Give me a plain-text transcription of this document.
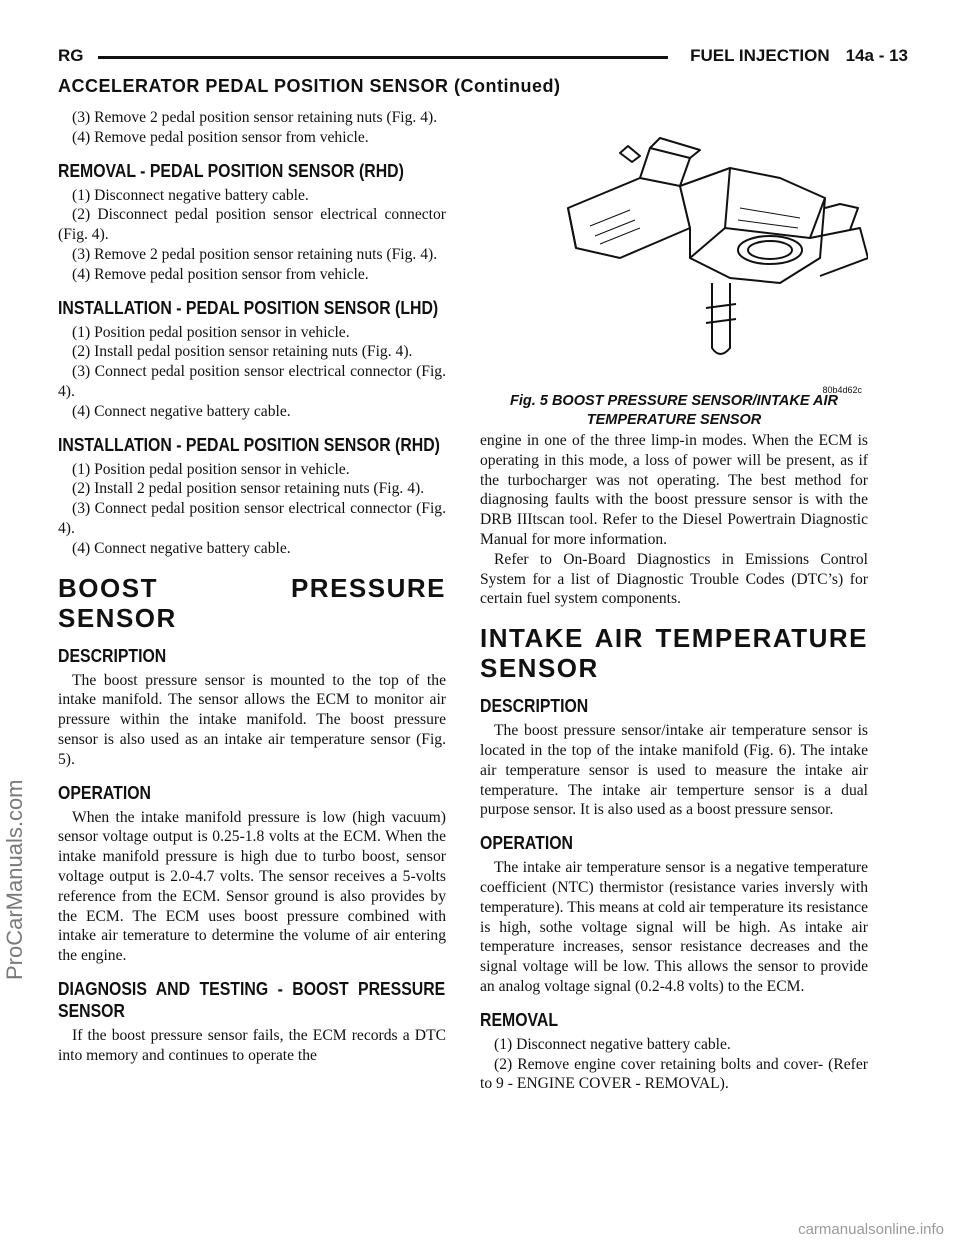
RG	FUEL INJECTION 14a - 13
ACCELERATOR PEDAL POSITION SENSOR (Continued)

(3) Remove 2 pedal position sensor retaining nuts (Fig. 4).

(4) Remove pedal position sensor from vehicle.

REMOVAL - PEDAL POSITION SENSOR (RHD)

(1) Disconnect negative battery cable.

(2) Disconnect pedal position sensor electrical connector (Fig. 4).

(3) Remove 2 pedal position sensor retaining nuts (Fig. 4).

(4) Remove pedal position sensor from vehicle.

INSTALLATION - PEDAL POSITION SENSOR (LHD)

(1) Position pedal position sensor in vehicle.

(2) Install pedal position sensor retaining nuts (Fig. 4).

(3) Connect pedal position sensor electrical connector (Fig. 4).

(4) Connect negative battery cable.

INSTALLATION - PEDAL POSITION SENSOR (RHD)

(1) Position pedal position sensor in vehicle.

(2) Install 2 pedal position sensor retaining nuts (Fig. 4).

(3) Connect pedal position sensor electrical connector (Fig. 4).

(4) Connect negative battery cable.

BOOST PRESSURE SENSOR
DESCRIPTION

The boost pressure sensor is mounted to the top of the intake manifold. The sensor allows the ECM to monitor air pressure within the intake manifold. The boost pressure sensor is also used as an intake air temperature sensor (Fig. 5).

OPERATION

When the intake manifold pressure is low (high vacuum) sensor voltage output is 0.25-1.8 volts at the ECM. When the intake manifold pressure is high due to turbo boost, sensor voltage output is 2.0-4.7 volts. The sensor receives a 5-volts reference from the ECM. Sensor ground is also provides by the ECM. The ECM uses boost pressure combined with intake air temerature to determine the volume of air entering the engine.

DIAGNOSIS AND TESTING - BOOST PRESSURE SENSOR

If the boost pressure sensor fails, the ECM records a DTC into memory and continues to operate the

80b4d62c

Fig. 5 BOOST PRESSURE SENSOR/INTAKE AIR

TEMPERATURE SENSOR

engine in one of the three limp-in modes. When the ECM is operating in this mode, a loss of power will be present, as if the turbocharger was not operating. The best method for diagnosing faults with the boost pressure sensor is with the DRB IIItscan tool. Refer to the Diesel Powertrain Diagnostic Manual for more information.

Refer to On-Board Diagnostics in Emissions Control System for a list of Diagnostic Trouble Codes (DTC’s) for certain fuel system components.

INTAKE AIR TEMPERATURE SENSOR
DESCRIPTION

The boost pressure sensor/intake air temperature sensor is located in the top of the intake manifold (Fig. 6). The intake air temperature sensor is used to measure the intake air temperature. The intake air temperture sensor is a dual purpose sensor. It is also used as a boost pressure sensor.

OPERATION

The intake air temperature sensor is a negative temperature coefficient (NTC) thermistor (resistance varies inversly with temperature). This means at cold air temperature its resistance is high, sothe voltage signal will be high. As intake air temperature increases, sensor resistance decreases and the signal voltage will be low. This allows the sensor to provide an analog voltage signal (0.2-4.8 volts) to the ECM.

REMOVAL

(1) Disconnect negative battery cable.

(2) Remove engine cover retaining bolts and cover- (Refer to 9 - ENGINE COVER - REMOVAL).

ProCarManuals.com
carmanualsonline.info
